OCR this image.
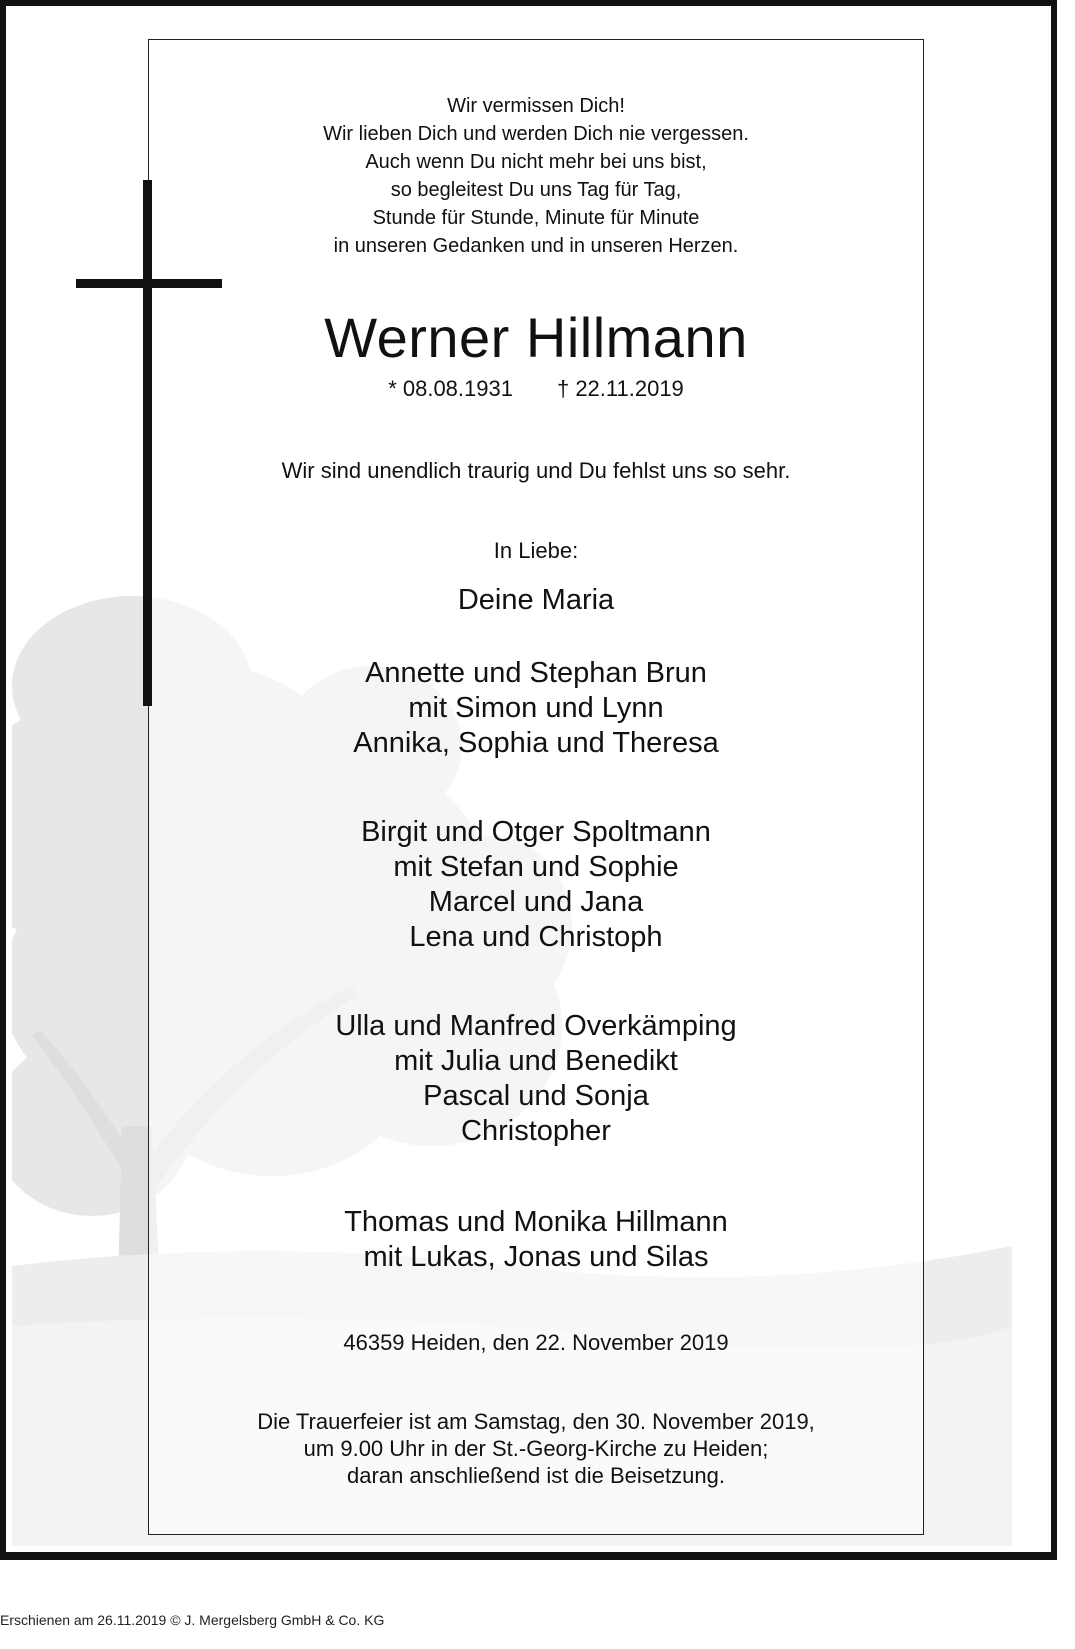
Wir vermissen Dich!
Wir lieben Dich und werden Dich nie vergessen.
Auch wenn Du nicht mehr bei uns bist,
so begleitest Du uns Tag für Tag,
Stunde für Stunde, Minute für Minute
in unseren Gedanken und in unseren Herzen.
Werner Hillmann
* 08.08.1931 † 22.11.2019
Wir sind unendlich traurig und Du fehlst uns so sehr.
In Liebe:
Deine Maria
Annette und Stephan Brun
mit Simon und Lynn
Annika, Sophia und Theresa
Birgit und Otger Spoltmann
mit Stefan und Sophie
Marcel und Jana
Lena und Christoph
Ulla und Manfred Overkämping
mit Julia und Benedikt
Pascal und Sonja
Christopher
Thomas und Monika Hillmann
mit Lukas, Jonas und Silas
46359 Heiden, den 22. November 2019
Die Trauerfeier ist am Samstag, den 30. November 2019,
um 9.00 Uhr in der St.-Georg-Kirche zu Heiden;
daran anschließend ist die Beisetzung.
Erschienen am 26.11.2019 © J. Mergelsberg GmbH & Co. KG
